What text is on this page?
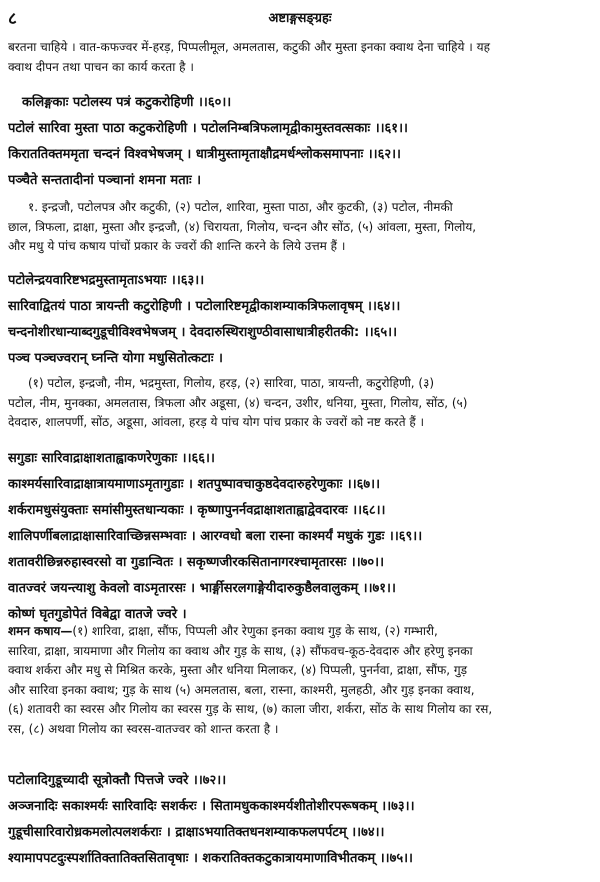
८	अष्टाङ्गसङ्ग्रहः
बरतना चाहिये । वात-कफज्वर में-हरड़, पिप्पलीमूल, अमलतास, कटुकी और मुस्ता इनका क्वाथ देना चाहिये । यह
क्वाथ दीपन तथा पाचन का कार्य करता है ।
कलिङ्गकाः पटोलस्य पत्रं कटुकरोहिणी ।।६०।।
पटोलं सारिवा मुस्ता पाठा कटुकरोहिणी । पटोलनिम्बत्रिफलामृद्वीकामुस्तवत्सकाः ।।६१।।
किराततिक्तममृता चन्दनं विश्वभेषजम् । धात्रीमुस्तामृताक्षौद्रमर्धश्लोकसमापनाः ।।६२।।
पञ्चैते सन्तताद‍ीनां पञ्चानां शमना मताः ।
१. इन्द्रजौ, पटोलपत्र और कटुकी, (२) पटोल, शारिवा, मुस्ता पाठा, और कुटकी, (३) पटोल, नीमकी
छाल, त्रिफला, द्राक्षा, मुस्ता और इन्द्रजौ, (४) चिरायता, गिलोय, चन्दन और सोंठ, (५) आंवला, मुस्ता, गिलोय,
और मधु ये पांच कषाय पांचों प्रकार के ज्वरों की शान्ति करने के लिये उत्तम हैं ।
पटोलेन्द्रयवारिष्टभद्रमुस्तामृताऽभयाः ।।६३।।
सारिवाद्वितयं पाठा त्रायन्ती कटुरोहिणी । पटोलारिष्टमृद्वीकाशम्याकत्रिफलावृषम् ।।६४।।
चन्दनोशीरधान्याब्दगुडूचीविश्वभेषजम् । देवदारुस्थिराशुण्ठीवासाधात्रीहरीतकी: ।।६५।।
पञ्च पञ्चज्वरान् घ्नन्ति योगा मधुसितोत्कटाः ।
(१) पटोल, इन्द्रजौ, नीम, भद्रमुस्ता, गिलोय, हरड़, (२) सारिवा, पाठा, त्रायन्ती, कटुरोहिणी, (३)
पटोल, नीम, मुनक्का, अमलतास, त्रिफला और अडूसा, (४) चन्दन, उशीर, धनिया, मुस्ता, गिलोय, सोंठ, (५)
देवदारु, शालपर्णी, सोंठ, अडूसा, आंवला, हरड़ ये पांच योग पांच प्रकार के ज्वरों को नष्ट करते हैं ।
सगुडाः सारिवाद्राक्षाशताह्वाकणरेणुकाः ।।६६।।
काश्मर्यसारिवाद्राक्षात्रायमाणाऽमृतागुडाः । शतपुष्पावचाकुष्ठदेवदारुहरेणुकाः ।।६७।।
शर्करामधुसंयुक्ताः समांसीमुस्तधान्यकाः । कृष्णापुनर्नवद्राक्षाशताह्वाद्वेवदारवः ।।६८।।
शालिपर्णीबलाद्राक्षासारिवाच्छिन्नसम्भवाः । आरग्वधो बला रास्ना काश्मर्यं मधुकं गुडः ।।६९।।
शतावरीछिन्नरुहास्वरसो वा गुडान्वितः । सकृष्णजीरकसितानागरश्चामृतारसः ।।७०।।
वातज्वरं जयन्त्याशु केवलो वाऽमृतारसः । भार्ङ्गीसरलगाङ्गेयीदारुकुष्ठैलवालुकम् ।।७१।।
कोष्णं घृतगुडोपेतं विबेद्वा वातजे ज्वरे ।
शमन कषाय—(१) शारिवा, द्राक्षा, सौंफ, पिप्पली और रेणुका इनका क्वाथ गुड़ के साथ, (२) गम्भारी,
सारिवा, द्राक्षा, त्रायमाणा और गिलोय का क्वाथ और गुड़ के साथ, (३) सौंफवच-कूठ-देवदारु और हरेणु इनका
क्वाथ शर्करा और मधु से मिश्रित करके, मुस्ता और धनिया मिलाकर, (४) पिप्पली, पुनर्नवा, द्राक्षा, सौंफ, गुड़
और सारिवा इनका क्वाथ; गुड़ के साथ (५) अमलतास, बला, रास्ना, काश्मरी, मुलहठी, और गुड़ इनका क्वाथ,
(६) शतावरी का स्वरस और गिलोय का स्वरस गुड़ के साथ, (७) काला जीरा, शर्करा, सोंठ के साथ गिलोय का रस,
रस, (८) अथवा गिलोय का स्वरस-वातज्वर को शान्त करता है ।
पटोलादिगुडूच्यादी सूत्रोक्तौ पित्तजे ज्वरे ।।७२।।
अञ्जनादिः सकाश्मर्यः सारिवादिः सशर्करः । सितामधुककाश्मर्यशीतोशीरपरूषकम् ।।७३।।
गुडूचीसारिवारोध्रकमलोत्पलशर्कराः । द्राक्षाऽभयातिक्तधनशम्याकफलपर्पटम् ।।७४।।
श्यामापपटदुःस्पर्शातिक्तातिक्तसितावृषाः । शकरातिक्तकटुकात्रायमाणाविभीतकम् ।।७५।।
